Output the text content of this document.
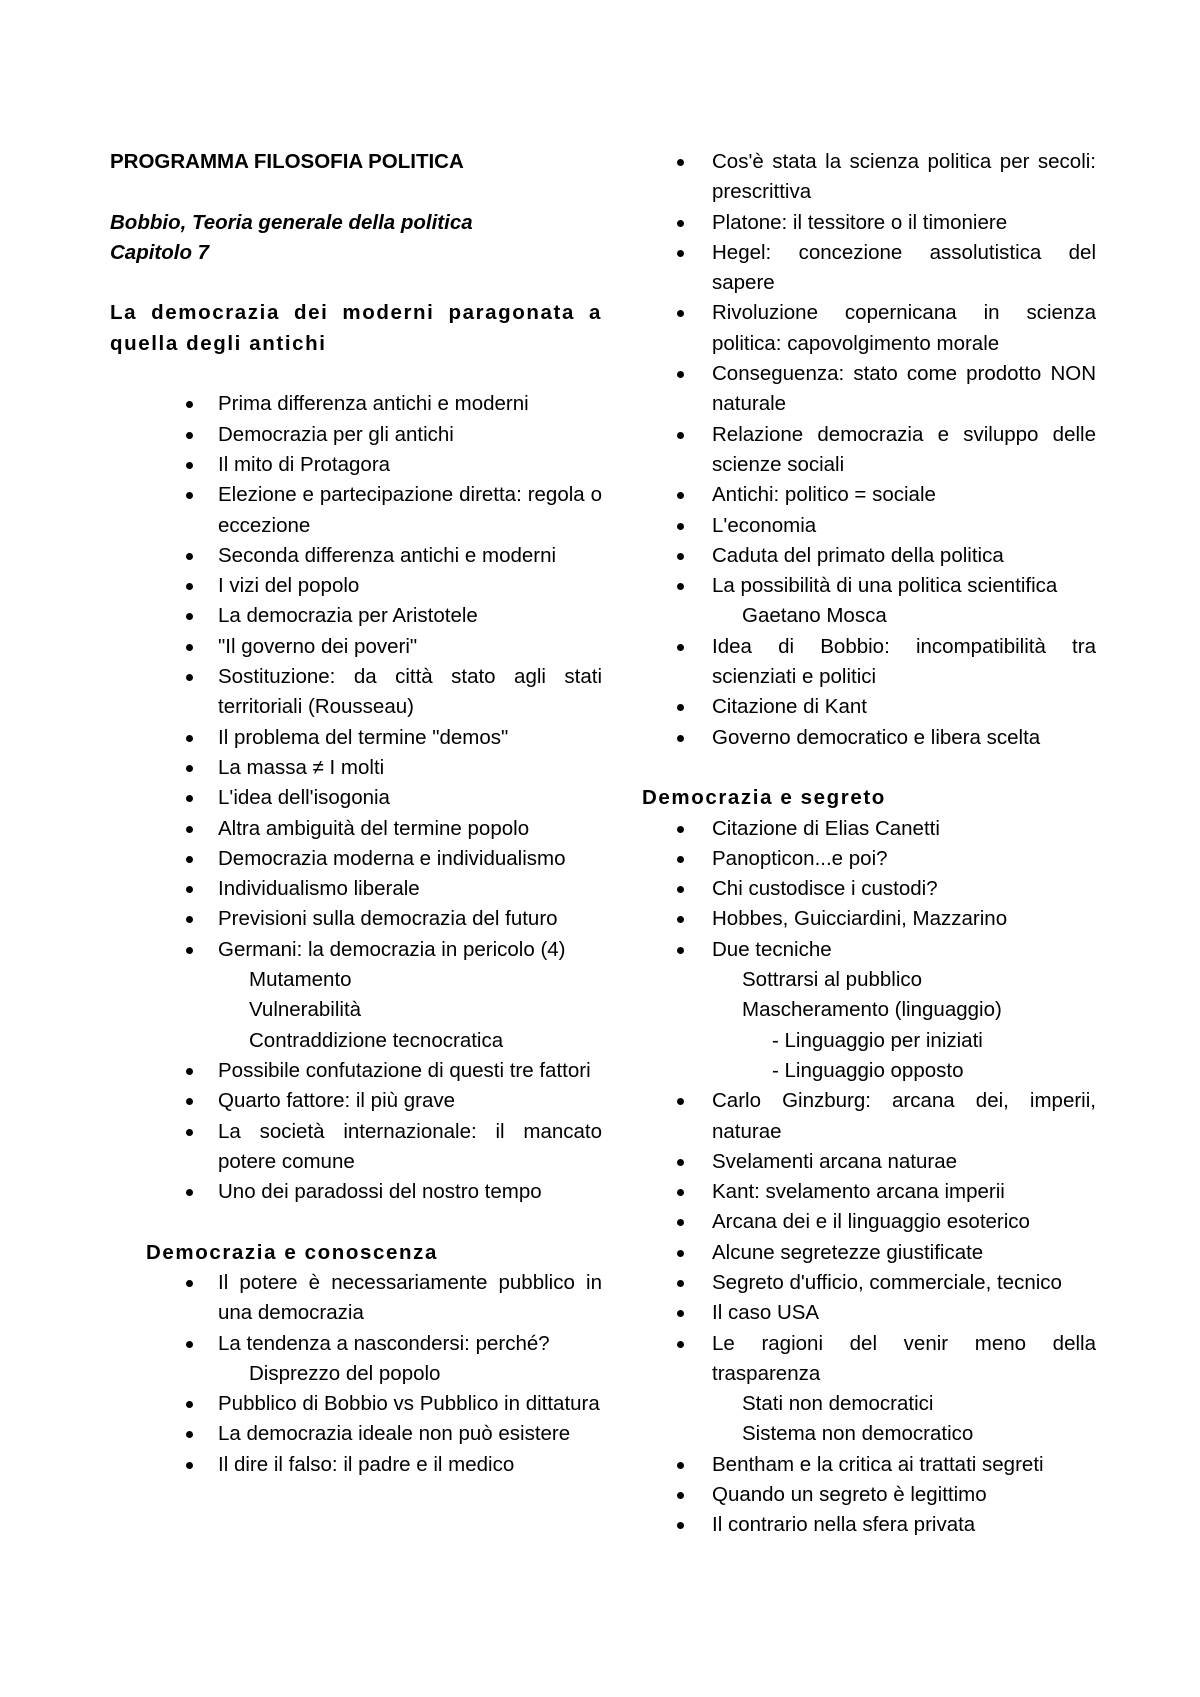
PROGRAMMA FILOSOFIA POLITICA
Bobbio, Teoria generale della politica
Capitolo 7
La democrazia dei moderni paragonata a
quella degli antichi
Prima differenza antichi e moderni
Democrazia per gli antichi
Il mito di Protagora
Elezione e partecipazione diretta: regola o eccezione
Seconda differenza antichi e moderni
I vizi del popolo
La democrazia per Aristotele
"Il governo dei poveri"
Sostituzione: da città stato agli stati territoriali (Rousseau)
Il problema del termine "demos"
La massa ≠ I molti
L'idea dell'isogonia
Altra ambiguità del termine popolo
Democrazia moderna e individualismo
Individualismo liberale
Previsioni sulla democrazia del futuro
Germani: la democrazia in pericolo (4)
Mutamento
Vulnerabilità
Contraddizione tecnocratica
Possibile confutazione di questi tre fattori
Quarto fattore: il più grave
La società internazionale: il mancato potere comune
Uno dei paradossi del nostro tempo
Democrazia e conoscenza
Il potere è necessariamente pubblico in una democrazia
La tendenza a nascondersi: perché?
Disprezzo del popolo
Pubblico di Bobbio vs Pubblico in dittatura
La democrazia ideale non può esistere
Il dire il falso: il padre e il medico
Cos'è stata la scienza politica per secoli: prescrittiva
Platone: il tessitore o il timoniere
Hegel: concezione assolutistica del sapere
Rivoluzione copernicana in scienza politica: capovolgimento morale
Conseguenza: stato come prodotto NON naturale
Relazione democrazia e sviluppo delle scienze sociali
Antichi: politico = sociale
L'economia
Caduta del primato della politica
La possibilità di una politica scientifica
Gaetano Mosca
Idea di Bobbio: incompatibilità tra scienziati e politici
Citazione di Kant
Governo democratico e libera scelta
Democrazia e segreto
Citazione di Elias Canetti
Panopticon...e poi?
Chi custodisce i custodi?
Hobbes, Guicciardini, Mazzarino
Due tecniche
Sottrarsi al pubblico
Mascheramento (linguaggio)
- Linguaggio per iniziati
- Linguaggio opposto
Carlo Ginzburg: arcana dei, imperii, naturae
Svelamenti arcana naturae
Kant: svelamento arcana imperii
Arcana dei e il linguaggio esoterico
Alcune segretezze giustificate
Segreto d'ufficio, commerciale, tecnico
Il caso USA
Le ragioni del venir meno della trasparenza
Stati non democratici
Sistema non democratico
Bentham e la critica ai trattati segreti
Quando un segreto è legittimo
Il contrario nella sfera privata
